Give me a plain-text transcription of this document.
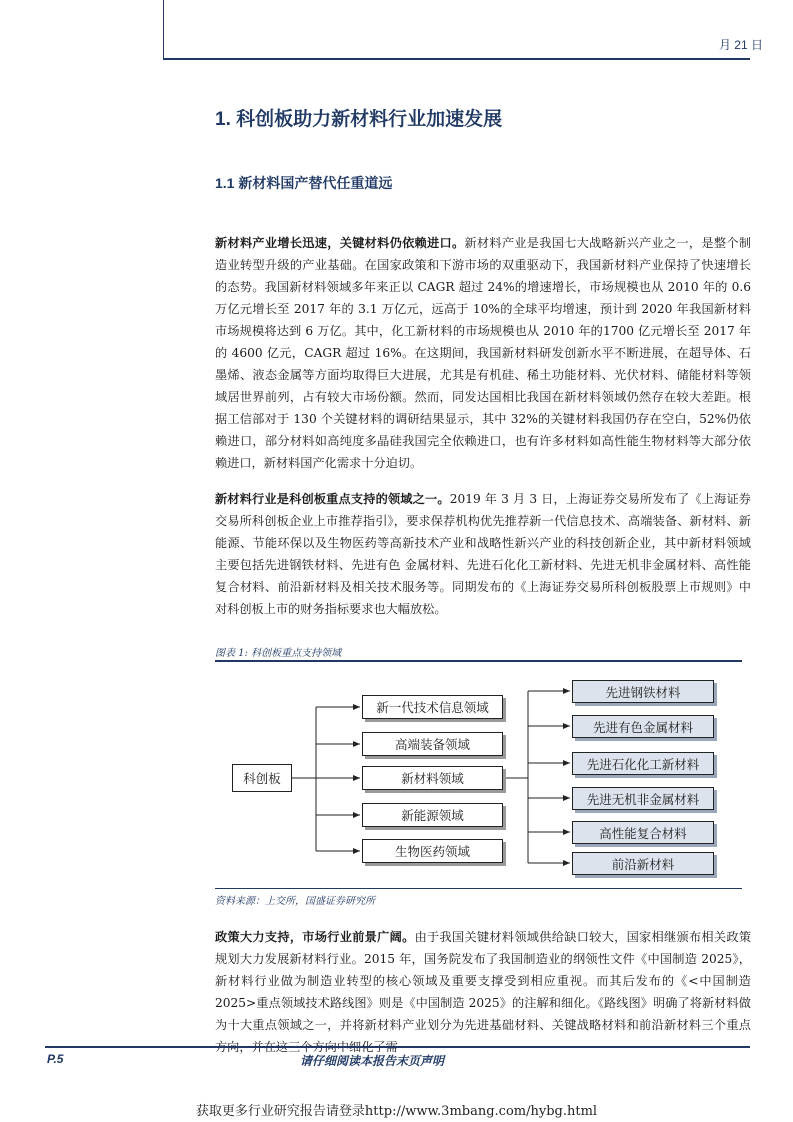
月 21 日
1. 科创板助力新材料行业加速发展
1.1 新材料国产替代任重道远
新材料产业增长迅速，关键材料仍依赖进口。新材料产业是我国七大战略新兴产业之一，是整个制造业转型升级的产业基础。在国家政策和下游市场的双重驱动下，我国新材料产业保持了快速增长的态势。我国新材料领域多年来正以 CAGR 超过 24%的增速增长，市场规模也从 2010 年的 0.6 万亿元增长至 2017 年的 3.1 万亿元，远高于 10%的全球平均增速，预计到 2020 年我国新材料市场规模将达到 6 万亿。其中，化工新材料的市场规模也从 2010 年的1700 亿元增长至 2017 年的 4600 亿元，CAGR 超过 16%。在这期间，我国新材料研发创新水平不断进展，在超导体、石墨烯、液态金属等方面均取得巨大进展，尤其是有机硅、稀土功能材料、光伏材料、储能材料等领域居世界前列，占有较大市场份额。然而，同发达国相比我国在新材料领域仍然存在较大差距。根据工信部对于 130 个关键材料的调研结果显示，其中 32%的关键材料我国仍存在空白，52%仍依赖进口，部分材料如高纯度多晶硅我国完全依赖进口，也有许多材料如高性能生物材料等大部分依赖进口，新材料国产化需求十分迫切。
新材料行业是科创板重点支持的领域之一。2019 年 3 月 3 日，上海证券交易所发布了《上海证券交易所科创板企业上市推荐指引》，要求保荐机构优先推荐新一代信息技术、高端装备、新材料、新能源、节能环保以及生物医药等高新技术产业和战略性新兴产业的科技创新企业，其中新材料领域主要包括先进钢铁材料、先进有色 金属材料、先进石化化工新材料、先进无机非金属材料、高性能复合材料、前沿新材料及相关技术服务等。同期发布的《上海证券交易所科创板股票上市规则》中对科创板上市的财务指标要求也大幅放松。
图表 1: 科创板重点支持领域
科创板
新一代技术信息领域
高端装备领域
新材料领域
新能源领域
生物医药领域
先进钢铁材料
先进有色金属材料
先进石化化工新材料
先进无机非金属材料
高性能复合材料
前沿新材料
资料来源：上交所，国盛证券研究所
政策大力支持，市场行业前景广阔。由于我国关键材料领域供给缺口较大，国家相继颁布相关政策规划大力发展新材料行业。2015 年，国务院发布了我国制造业的纲领性文件《中国制造 2025》，新材料行业做为制造业转型的核心领域及重要支撑受到相应重视。而其后发布的《<中国制造 2025>重点领域技术路线图》则是《中国制造 2025》的注解和细化。《路线图》明确了将新材料做为十大重点领域之一，并将新材料产业划分为先进基础材料、关键战略材料和前沿新材料三个重点
P.5	请仔细阅读本报告末页声明
获取更多行业研究报告请登录http://www.3mbang.com/hybg.html
